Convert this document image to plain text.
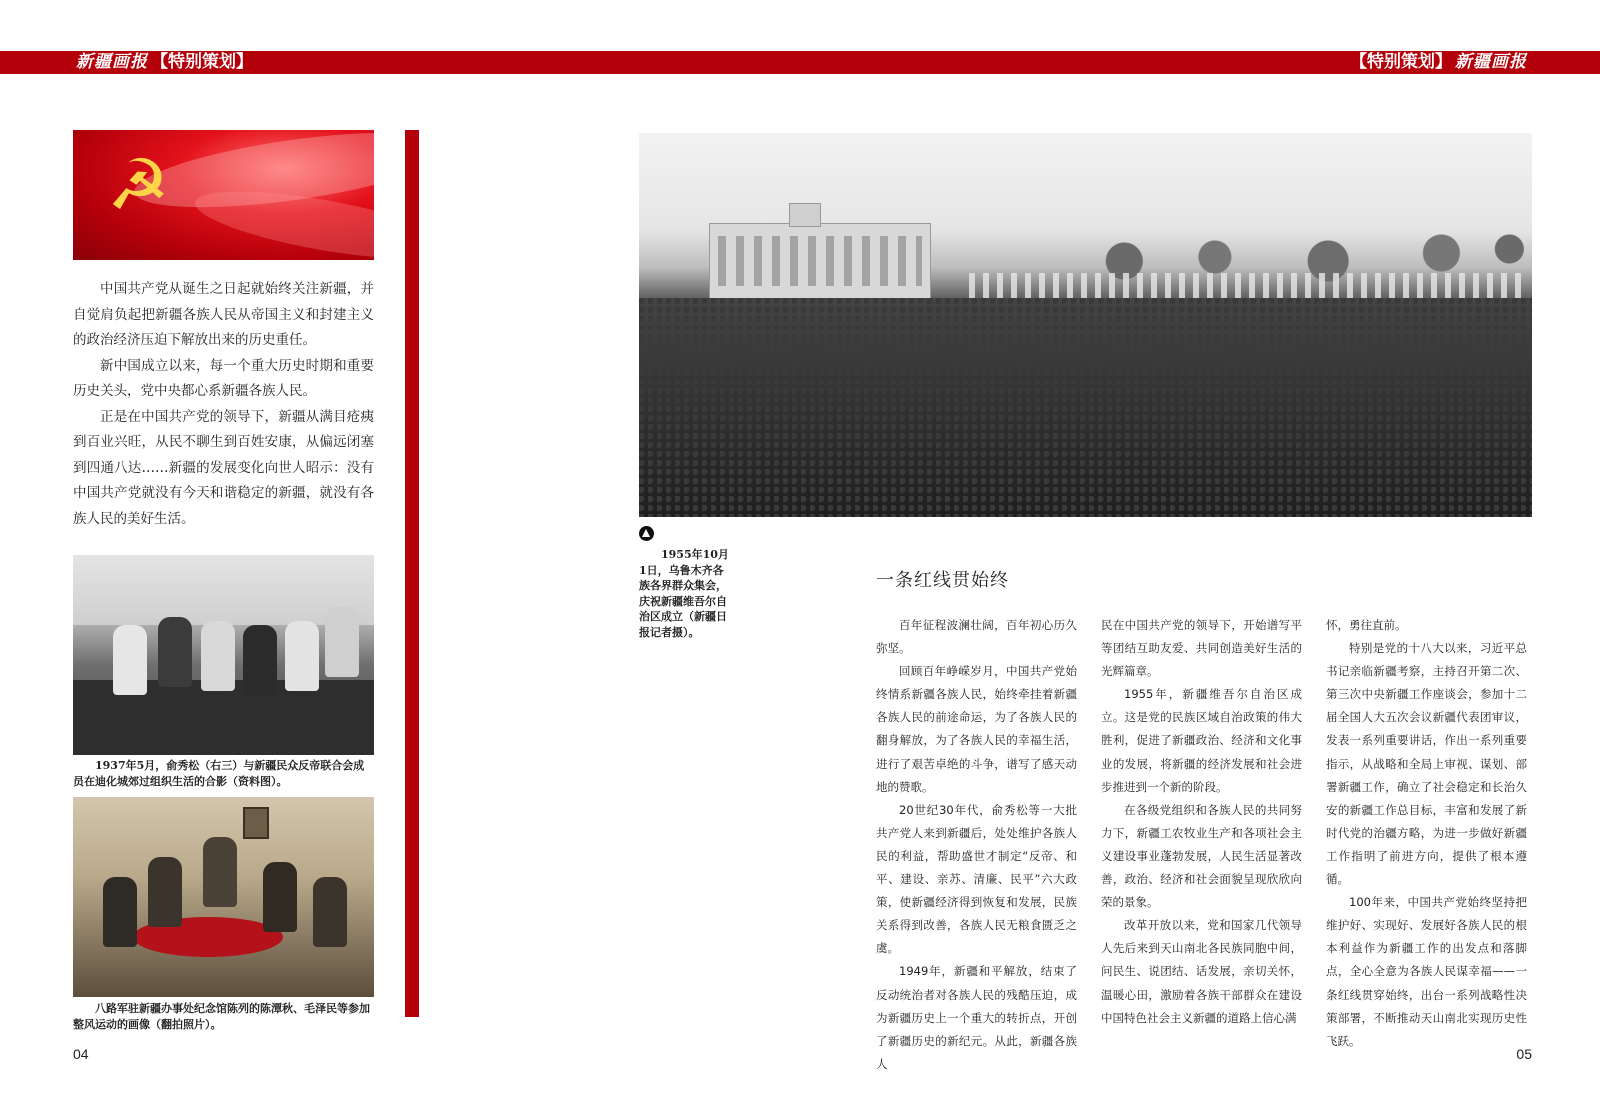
新疆画报 【特别策划】	【特别策划】 新疆画报
☭

中国共产党从诞生之日起就始终关注新疆，并自觉肩负起把新疆各族人民从帝国主义和封建主义的政治经济压迫下解放出来的历史重任。

新中国成立以来，每一个重大历史时期和重要历史关头，党中央都心系新疆各族人民。

正是在中国共产党的领导下，新疆从满目疮痍到百业兴旺，从民不聊生到百姓安康，从偏远闭塞到四通八达……新疆的发展变化向世人昭示：没有中国共产党就没有今天和谐稳定的新疆，就没有各族人民的美好生活。

1937年5月，俞秀松（右三）与新疆民众反帝联合会成员在迪化城郊过组织生活的合影（资料图）。
八路军驻新疆办事处纪念馆陈列的陈潭秋、毛泽民等参加整风运动的画像（翻拍照片）。
04
1955年10月1日，乌鲁木齐各族各界群众集会，庆祝新疆维吾尔自治区成立（新疆日报记者摄）。
一条红线贯始终

百年征程波澜壮阔，百年初心历久弥坚。

回顾百年峥嵘岁月，中国共产党始终情系新疆各族人民，始终牵挂着新疆各族人民的前途命运，为了各族人民的翻身解放，为了各族人民的幸福生活，进行了艰苦卓绝的斗争，谱写了感天动地的赞歌。

20世纪30年代，俞秀松等一大批共产党人来到新疆后，处处维护各族人民的利益，帮助盛世才制定“反帝、和平、建设、亲苏、清廉、民平”六大政策，使新疆经济得到恢复和发展，民族关系得到改善，各族人民无粮食匮乏之虞。

1949年，新疆和平解放，结束了反动统治者对各族人民的残酷压迫，成为新疆历史上一个重大的转折点，开创了新疆历史的新纪元。从此，新疆各族人

民在中国共产党的领导下，开始谱写平等团结互助友爱、共同创造美好生活的光辉篇章。

1955年，新疆维吾尔自治区成立。这是党的民族区域自治政策的伟大胜利，促进了新疆政治、经济和文化事业的发展，将新疆的经济发展和社会进步推进到一个新的阶段。

在各级党组织和各族人民的共同努力下，新疆工农牧业生产和各项社会主义建设事业蓬勃发展，人民生活显著改善，政治、经济和社会面貌呈现欣欣向荣的景象。

改革开放以来，党和国家几代领导人先后来到天山南北各民族同胞中间，问民生、说团结、话发展，亲切关怀，温暖心田，激励着各族干部群众在建设中国特色社会主义新疆的道路上信心满

怀，勇往直前。

特别是党的十八大以来，习近平总书记亲临新疆考察，主持召开第二次、第三次中央新疆工作座谈会，参加十二届全国人大五次会议新疆代表团审议，发表一系列重要讲话，作出一系列重要指示，从战略和全局上审视、谋划、部署新疆工作，确立了社会稳定和长治久安的新疆工作总目标，丰富和发展了新时代党的治疆方略，为进一步做好新疆工作指明了前进方向，提供了根本遵循。

100年来，中国共产党始终坚持把维护好、实现好、发展好各族人民的根本利益作为新疆工作的出发点和落脚点，全心全意为各族人民谋幸福——一条红线贯穿始终，出台一系列战略性决策部署，不断推动天山南北实现历史性飞跃。

05
